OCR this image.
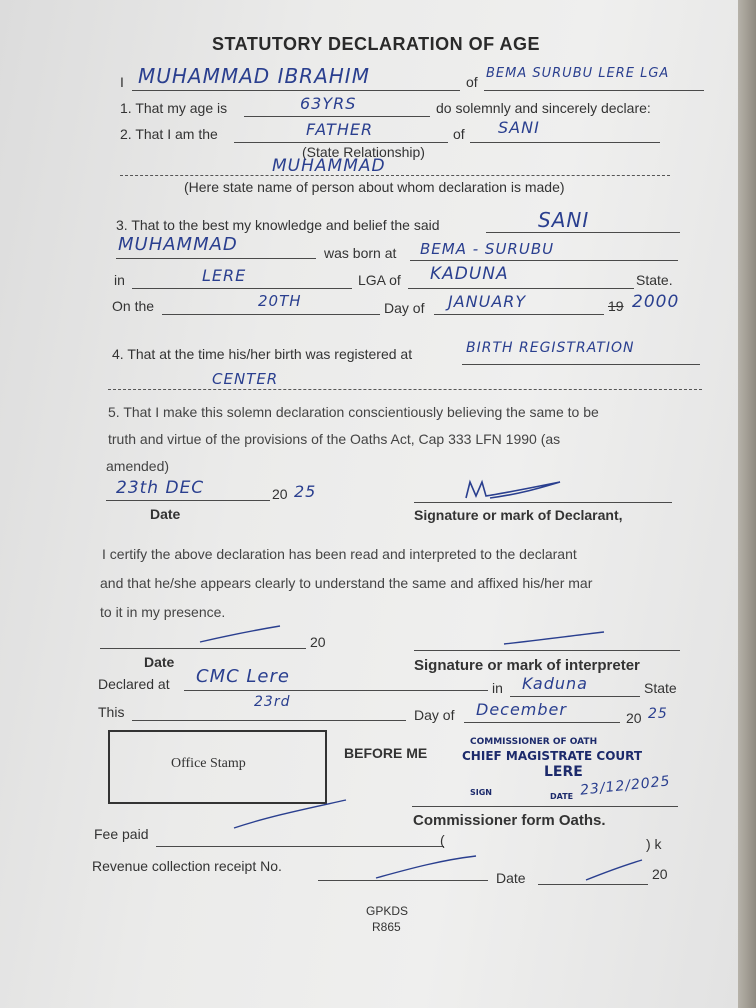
STATUTORY DECLARATION OF AGE
I MUHAMMAD IBRAHIM	of
BEMA SURUBU LERE LGA
1. That my age is	63YRS	do solemnly and sincerely declare:
2. That I am the	FATHER	of SANI
(State Relationship)
MUHAMMAD
(Here state name of person about whom declaration is made)
3. That to the best my knowledge and belief the said	SANI
MUHAMMAD	was born at BEMA - SURUBU
in	LERE	LGA of KADUNA	State.
On the	20TH	Day of JANUARY	19 2000
4. That at the time his/her birth was registered at	BIRTH REGISTRATION
CENTER
5. That I make this solemn declaration conscientiously believing the same to be
truth and virtue of the provisions of the Oaths Act, Cap 333 LFN 1990 (as
amended)
23th DEC	20 25
Date	Signature or mark of Declarant,
I certify the above declaration has been read and interpreted to the declarant
and that he/she appears clearly to understand the same and affixed his/her mar
to it in my presence.
20
Date	Signature or mark of interpreter
Declared at CMC Lere
in Kaduna	State
This
23rd
Day of December	20 25
Office Stamp
BEFORE ME
COMMISSIONER OF OATH
CHIEF MAGISTRATE COURT
LERE
SIGN	DATE 23/12/2025
Commissioner form Oaths.
Fee paid	(	) k
Revenue collection receipt No.
Date	20
GPKDS
R865
